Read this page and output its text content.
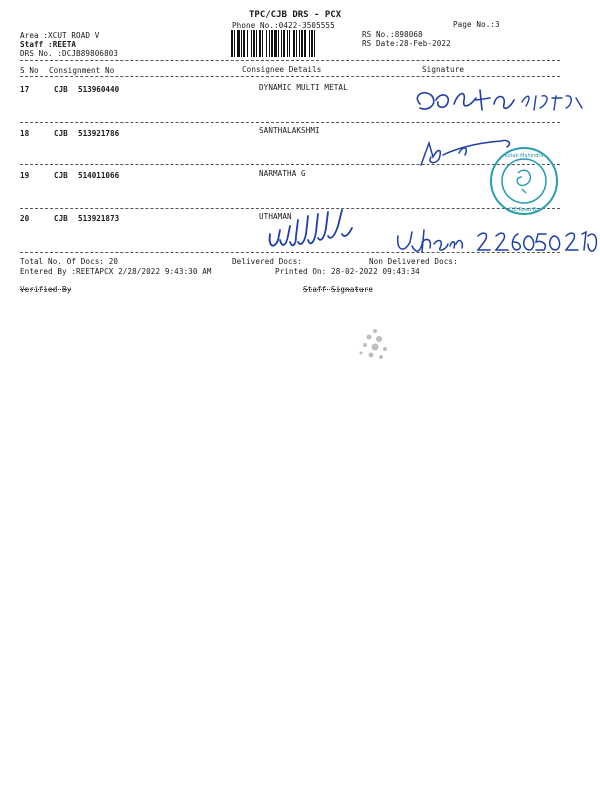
TPC/CJB DRS - PCX
Phone No.:0422-3505555	Page No.:3
Area :XCUT ROAD V
Staff :REETA
DRS No. :DCJB89806803
RS No.:898068
RS Date:28-Feb-2022
S No Consignment No	Consignee Details	Signature
17	CJB 513960440	DYNAMIC MULTI METAL
18	CJB 513921786	SANTHALAKSHMI
19	CJB 514011066	NARMATHA G
20	CJB 513921873	UTHAMAN
Kotak Mahindra
CJB Road Br.
Total No. Of Docs: 20	Delivered Docs:	Non Delivered Docs:
Entered By :REETAPCX 2/28/2022 9:43:30 AM	Printed On: 28-02-2022 09:43:34
Verified By	Staff Signature
